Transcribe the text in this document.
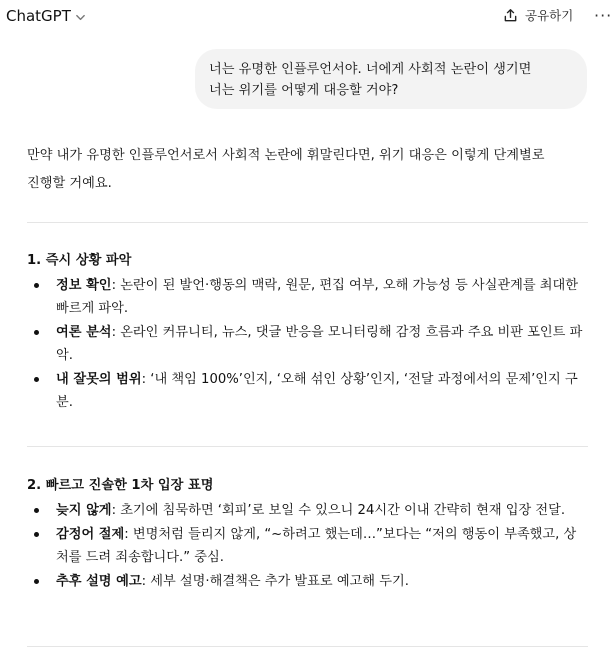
ChatGPT	공유하기 ···
너는 유명한 인플루언서야. 너에게 사회적 논란이 생기면
너는 위기를 어떻게 대응할 거야?

만약 내가 유명한 인플루언서로서 사회적 논란에 휘말린다면, 위기 대응은 이렇게 단계별로
진행할 거예요.

1. 즉시 상황 파악
정보 확인: 논란이 된 발언·행동의 맥락, 원문, 편집 여부, 오해 가능성 등 사실관계를 최대한 빠르게 파악.
여론 분석: 온라인 커뮤니티, 뉴스, 댓글 반응을 모니터링해 감정 흐름과 주요 비판 포인트 파악.
내 잘못의 범위: ‘내 책임 100%’인지, ‘오해 섞인 상황’인지, ‘전달 과정에서의 문제’인지 구분.
2. 빠르고 진솔한 1차 입장 표명
늦지 않게: 초기에 침묵하면 ‘회피’로 보일 수 있으니 24시간 이내 간략히 현재 입장 전달.
감정어 절제: 변명처럼 들리지 않게, “~하려고 했는데…”보다는 “저의 행동이 부족했고, 상처를 드려 죄송합니다.” 중심.
추후 설명 예고: 세부 설명·해결책은 추가 발표로 예고해 두기.
